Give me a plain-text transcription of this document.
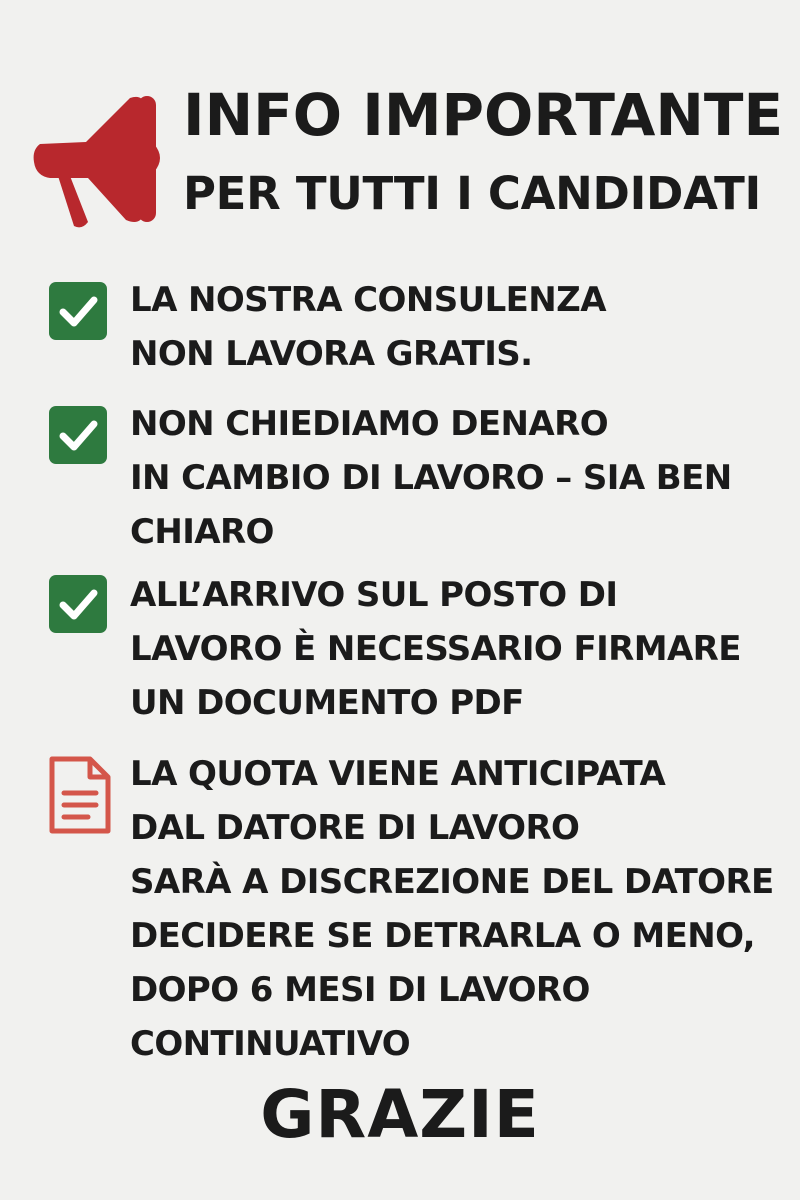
INFO IMPORTANTE
PER TUTTI I CANDIDATI
LA NOSTRA CONSULENZA
NON LAVORA GRATIS.
NON CHIEDIAMO DENARO
IN CAMBIO DI LAVORO – SIA BEN
CHIARO
ALL’ARRIVO SUL POSTO DI
LAVORO È NECESSARIO FIRMARE
UN DOCUMENTO PDF
LA QUOTA VIENE ANTICIPATA
DAL DATORE DI LAVORO
SARÀ A DISCREZIONE DEL DATORE
DECIDERE SE DETRARLA O MENO,
DOPO 6 MESI DI LAVORO
CONTINUATIVO
GRAZIE
